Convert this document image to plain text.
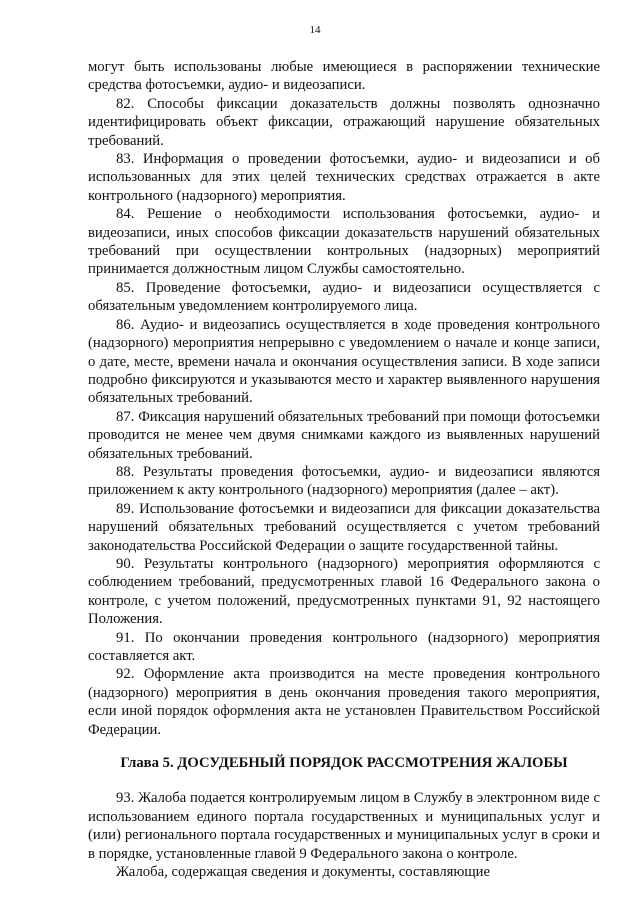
14

могут быть использованы любые имеющиеся в распоряжении технические средства фотосъемки, аудио- и видеозаписи.

82. Способы фиксации доказательств должны позволять однозначно идентифицировать объект фиксации, отражающий нарушение обязательных требований.

83. Информация о проведении фотосъемки, аудио- и видеозаписи и об использованных для этих целей технических средствах отражается в акте контрольного (надзорного) мероприятия.

84. Решение о необходимости использования фотосъемки, аудио- и видеозаписи, иных способов фиксации доказательств нарушений обязательных требований при осуществлении контрольных (надзорных) мероприятий принимается должностным лицом Службы самостоятельно.

85. Проведение фотосъемки, аудио- и видеозаписи осуществляется с обязательным уведомлением контролируемого лица.

86. Аудио- и видеозапись осуществляется в ходе проведения контрольного (надзорного) мероприятия непрерывно с уведомлением о начале и конце записи, о дате, месте, времени начала и окончания осуществления записи. В ходе записи подробно фиксируются и указываются место и характер выявленного нарушения обязательных требований.

87. Фиксация нарушений обязательных требований при помощи фотосъемки проводится не менее чем двумя снимками каждого из выявленных нарушений обязательных требований.

88. Результаты проведения фотосъемки, аудио- и видеозаписи являются приложением к акту контрольного (надзорного) мероприятия (далее – акт).

89. Использование фотосъемки и видеозаписи для фиксации доказательства нарушений обязательных требований осуществляется с учетом требований законодательства Российской Федерации о защите государственной тайны.

90. Результаты контрольного (надзорного) мероприятия оформляются с соблюдением требований, предусмотренных главой 16 Федерального закона о контроле, с учетом положений, предусмотренных пунктами 91, 92 настоящего Положения.

91. По окончании проведения контрольного (надзорного) мероприятия составляется акт.

92. Оформление акта производится на месте проведения контрольного (надзорного) мероприятия в день окончания проведения такого мероприятия, если иной порядок оформления акта не установлен Правительством Российской Федерации.

Глава 5. ДОСУДЕБНЫЙ ПОРЯДОК РАССМОТРЕНИЯ ЖАЛОБЫ

93. Жалоба подается контролируемым лицом в Службу в электронном виде с использованием единого портала государственных и муниципальных услуг и (или) регионального портала государственных и муниципальных услуг в сроки и в порядке, установленные главой 9 Федерального закона о контроле.

Жалоба, содержащая сведения и документы, составляющие
